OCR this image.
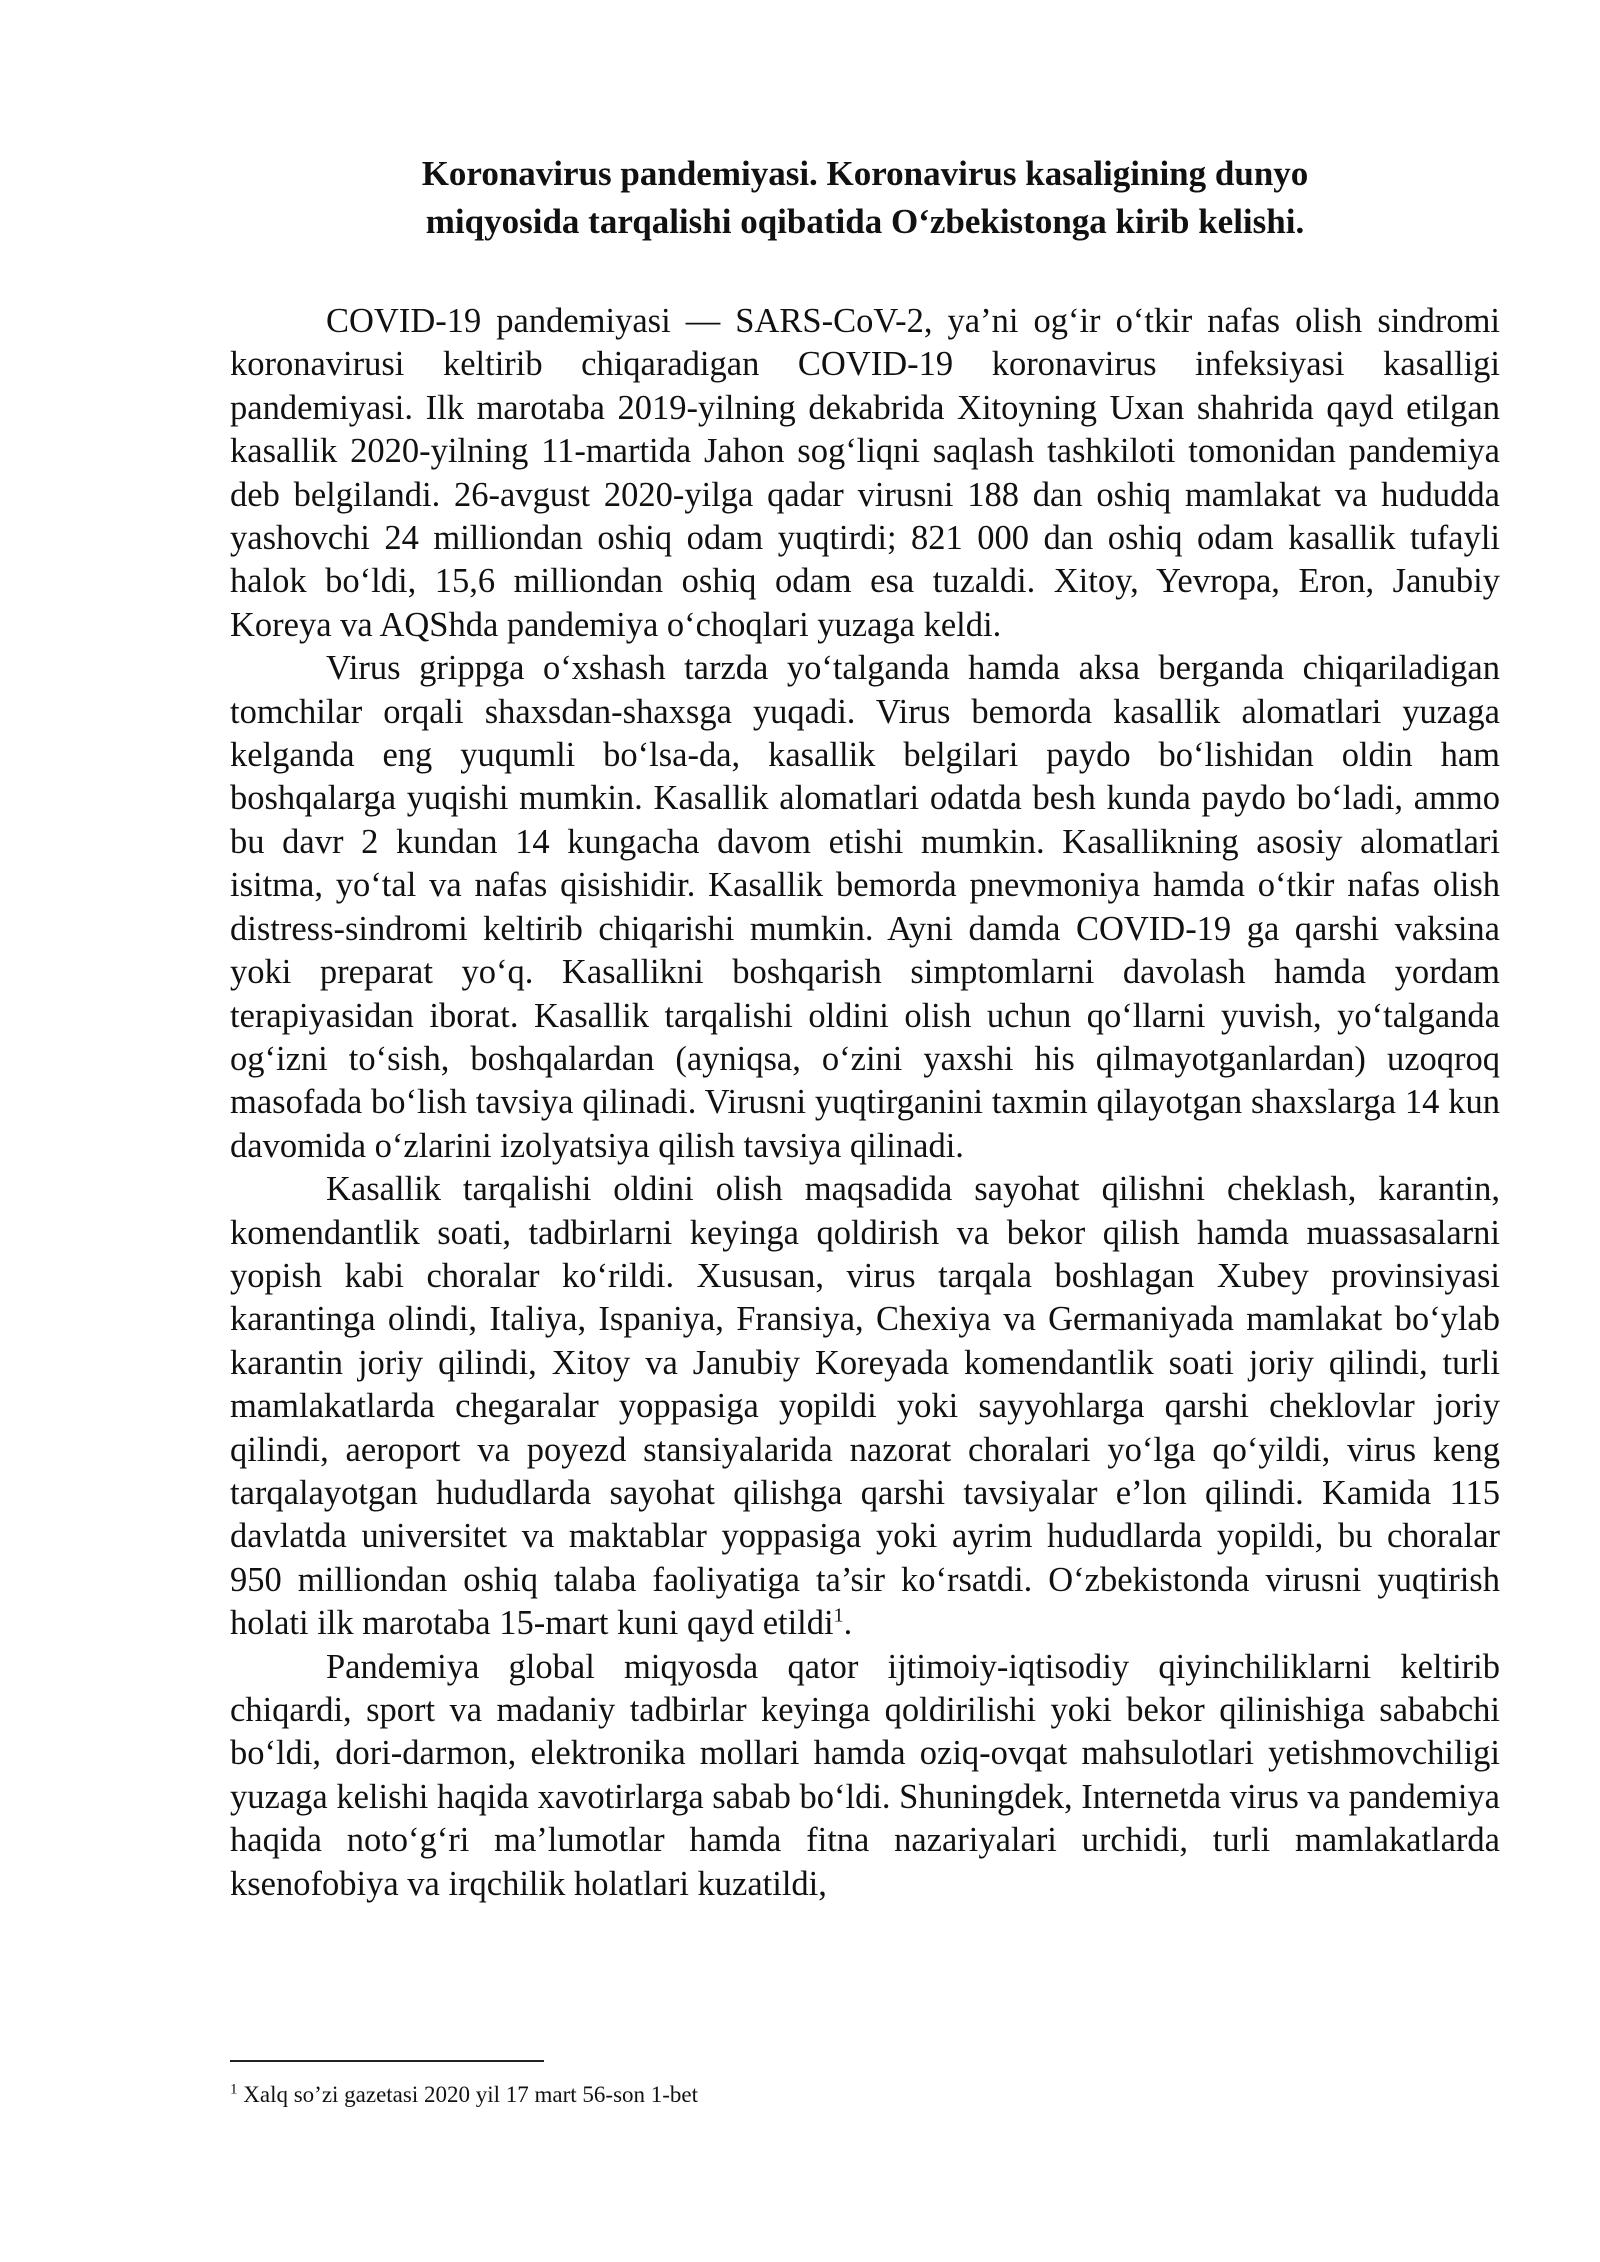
Koronavirus pandemiyasi. Koronavirus kasaligining dunyo
miqyosida tarqalishi oqibatida O‘zbekistonga kirib kelishi.

COVID-19 pandemiyasi — SARS-CoV-2, ya’ni og‘ir o‘tkir nafas olish sindromi koronavirusi keltirib chiqaradigan COVID-19 koronavirus infeksiyasi kasalligi pandemiyasi. Ilk marotaba 2019-yilning dekabrida Xitoyning Uxan shahrida qayd etilgan kasallik 2020-yilning 11-martida Jahon sog‘liqni saqlash tashkiloti tomonidan pandemiya deb belgilandi. 26-avgust 2020-yilga qadar virusni 188 dan oshiq mamlakat va hududda yashovchi 24 milliondan oshiq odam yuqtirdi; 821 000 dan oshiq odam kasallik tufayli halok bo‘ldi, 15,6 milliondan oshiq odam esa tuzaldi. Xitoy, Yevropa, Eron, Janubiy Koreya va AQShda pandemiya o‘choqlari yuzaga keldi.

Virus grippga o‘xshash tarzda yo‘talganda hamda aksa berganda chiqariladigan tomchilar orqali shaxsdan-shaxsga yuqadi. Virus bemorda kasallik alomatlari yuzaga kelganda eng yuqumli bo‘lsa-da, kasallik belgilari paydo bo‘lishidan oldin ham boshqalarga yuqishi mumkin. Kasallik alomatlari odatda besh kunda paydo bo‘ladi, ammo bu davr 2 kundan 14 kungacha davom etishi mumkin. Kasallikning asosiy alomatlari isitma, yo‘tal va nafas qisishidir. Kasallik bemorda pnevmoniya hamda o‘tkir nafas olish distress-sindromi keltirib chiqarishi mumkin. Ayni damda COVID-19 ga qarshi vaksina yoki preparat yo‘q. Kasallikni boshqarish simptomlarni davolash hamda yordam terapiyasidan iborat. Kasallik tarqalishi oldini olish uchun qo‘llarni yuvish, yo‘talganda og‘izni to‘sish, boshqalardan (ayniqsa, o‘zini yaxshi his qilmayotganlardan) uzoqroq masofada bo‘lish tavsiya qilinadi. Virusni yuqtirganini taxmin qilayotgan shaxslarga 14 kun davomida o‘zlarini izolyatsiya qilish tavsiya qilinadi.

Kasallik tarqalishi oldini olish maqsadida sayohat qilishni cheklash, karantin, komendantlik soati, tadbirlarni keyinga qoldirish va bekor qilish hamda muassasalarni yopish kabi choralar ko‘rildi. Xususan, virus tarqala boshlagan Xubey provinsiyasi karantinga olindi, Italiya, Ispaniya, Fransiya, Chexiya va Germaniyada mamlakat bo‘ylab karantin joriy qilindi, Xitoy va Janubiy Koreyada komendantlik soati joriy qilindi, turli mamlakatlarda chegaralar yoppasiga yopildi yoki sayyohlarga qarshi cheklovlar joriy qilindi, aeroport va poyezd stansiyalarida nazorat choralari yo‘lga qo‘yildi, virus keng tarqalayotgan hududlarda sayohat qilishga qarshi tavsiyalar e’lon qilindi. Kamida 115 davlatda universitet va maktablar yoppasiga yoki ayrim hududlarda yopildi, bu choralar 950 milliondan oshiq talaba faoliyatiga ta’sir ko‘rsatdi. O‘zbekistonda virusni yuqtirish holati ilk marotaba 15-mart kuni qayd etildi$^1$.

Pandemiya global miqyosda qator ijtimoiy-iqtisodiy qiyinchiliklarni keltirib chiqardi, sport va madaniy tadbirlar keyinga qoldirilishi yoki bekor qilinishiga sababchi bo‘ldi, dori-darmon, elektronika mollari hamda oziq-ovqat mahsulotlari yetishmovchiligi yuzaga kelishi haqida xavotirlarga sabab bo‘ldi. Shuningdek, Internetda virus va pandemiya haqida noto‘g‘ri ma’lumotlar hamda fitna nazariyalari urchidi, turli mamlakatlarda ksenofobiya va irqchilik holatlari kuzatildi,

$^1$ Xalq so’zi gazetasi 2020 yil 17 mart 56-son 1-bet
